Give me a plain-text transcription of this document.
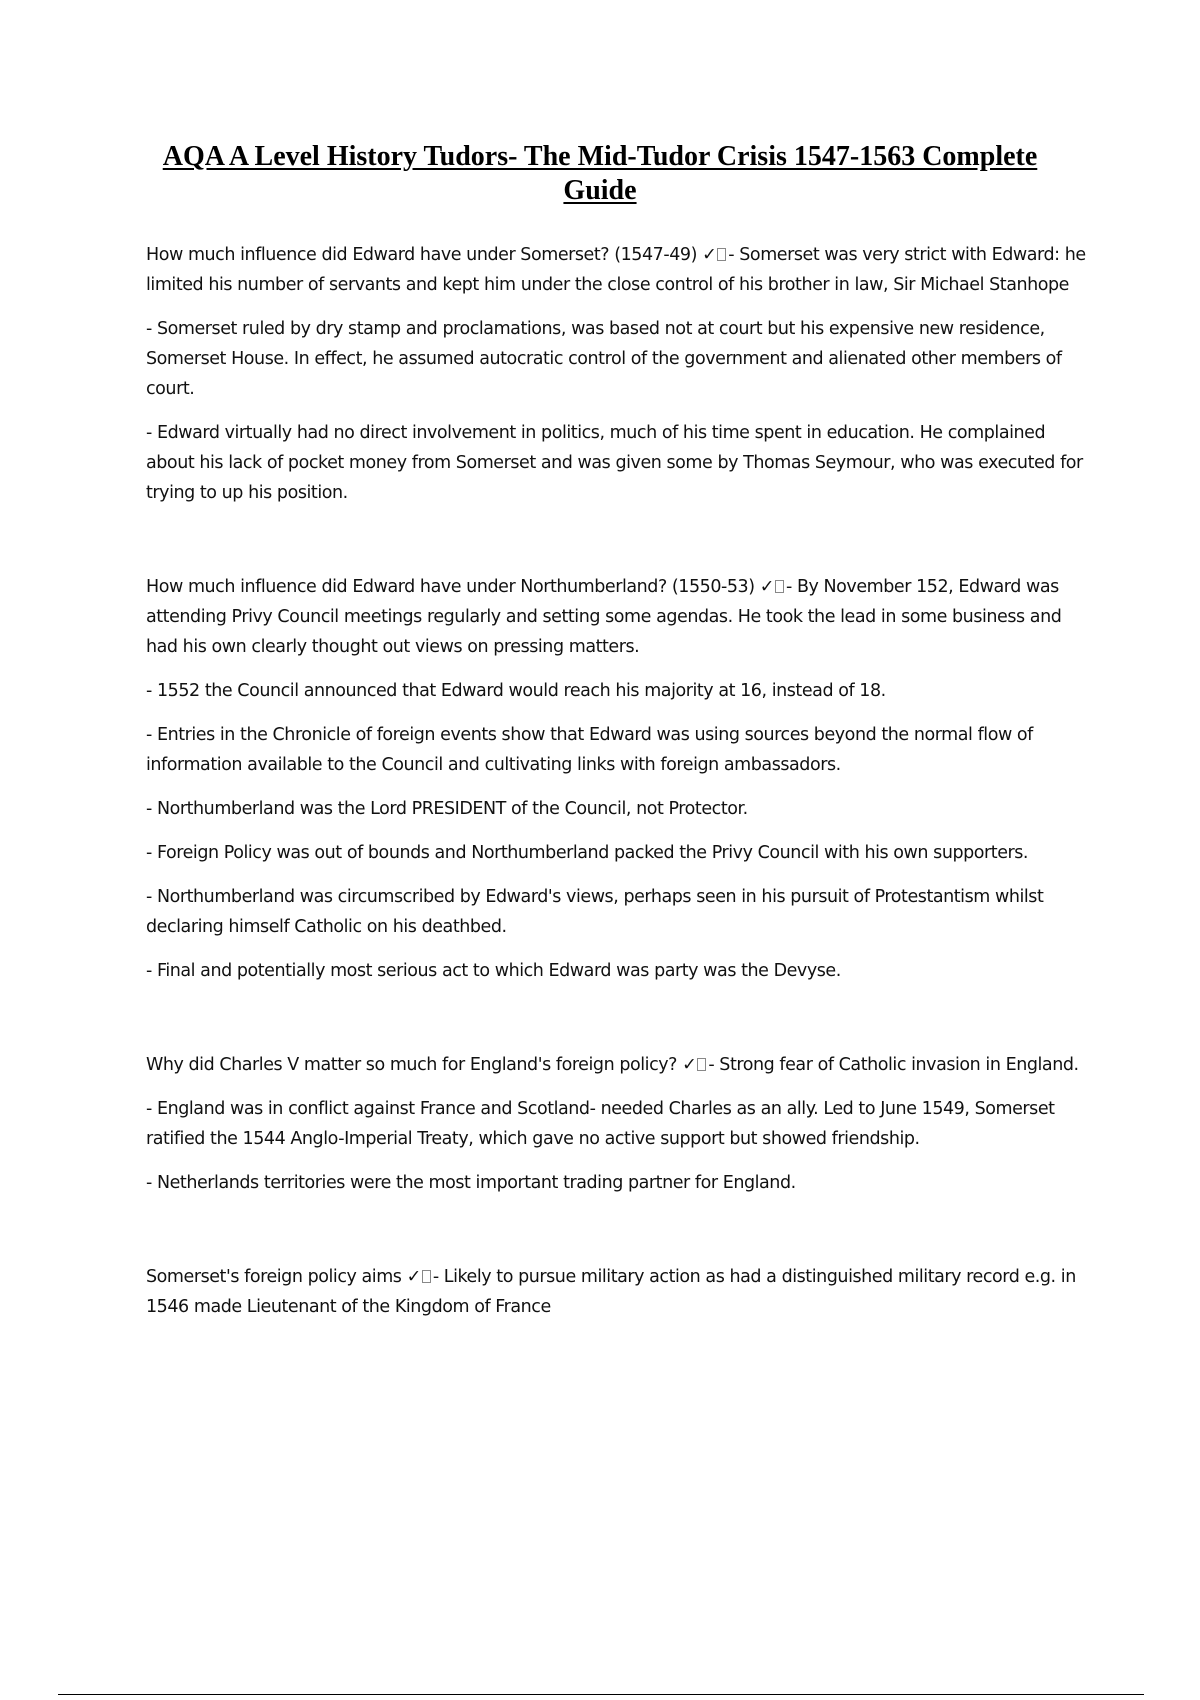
AQA A Level History Tudors- The Mid-Tudor Crisis 1547-1563 Complete Guide

How much influence did Edward have under Somerset? (1547-49) ✓ - Somerset was very strict with Edward: he limited his number of servants and kept him under the close control of his brother in law, Sir Michael Stanhope

- Somerset ruled by dry stamp and proclamations, was based not at court but his expensive new residence, Somerset House. In effect, he assumed autocratic control of the government and alienated other members of court.

- Edward virtually had no direct involvement in politics, much of his time spent in education. He complained about his lack of pocket money from Somerset and was given some by Thomas Seymour, who was executed for trying to up his position.

How much influence did Edward have under Northumberland? (1550-53) ✓ - By November 152, Edward was attending Privy Council meetings regularly and setting some agendas. He took the lead in some business and had his own clearly thought out views on pressing matters.

- 1552 the Council announced that Edward would reach his majority at 16, instead of 18.

- Entries in the Chronicle of foreign events show that Edward was using sources beyond the normal flow of information available to the Council and cultivating links with foreign ambassadors.

- Northumberland was the Lord PRESIDENT of the Council, not Protector.

- Foreign Policy was out of bounds and Northumberland packed the Privy Council with his own supporters.

- Northumberland was circumscribed by Edward's views, perhaps seen in his pursuit of Protestantism whilst declaring himself Catholic on his deathbed.

- Final and potentially most serious act to which Edward was party was the Devyse.

Why did Charles V matter so much for England's foreign policy? ✓ - Strong fear of Catholic invasion in England.

- England was in conflict against France and Scotland- needed Charles as an ally. Led to June 1549, Somerset ratified the 1544 Anglo-Imperial Treaty, which gave no active support but showed friendship.

- Netherlands territories were the most important trading partner for England.

Somerset's foreign policy aims ✓ - Likely to pursue military action as had a distinguished military record e.g. in 1546 made Lieutenant of the Kingdom of France
